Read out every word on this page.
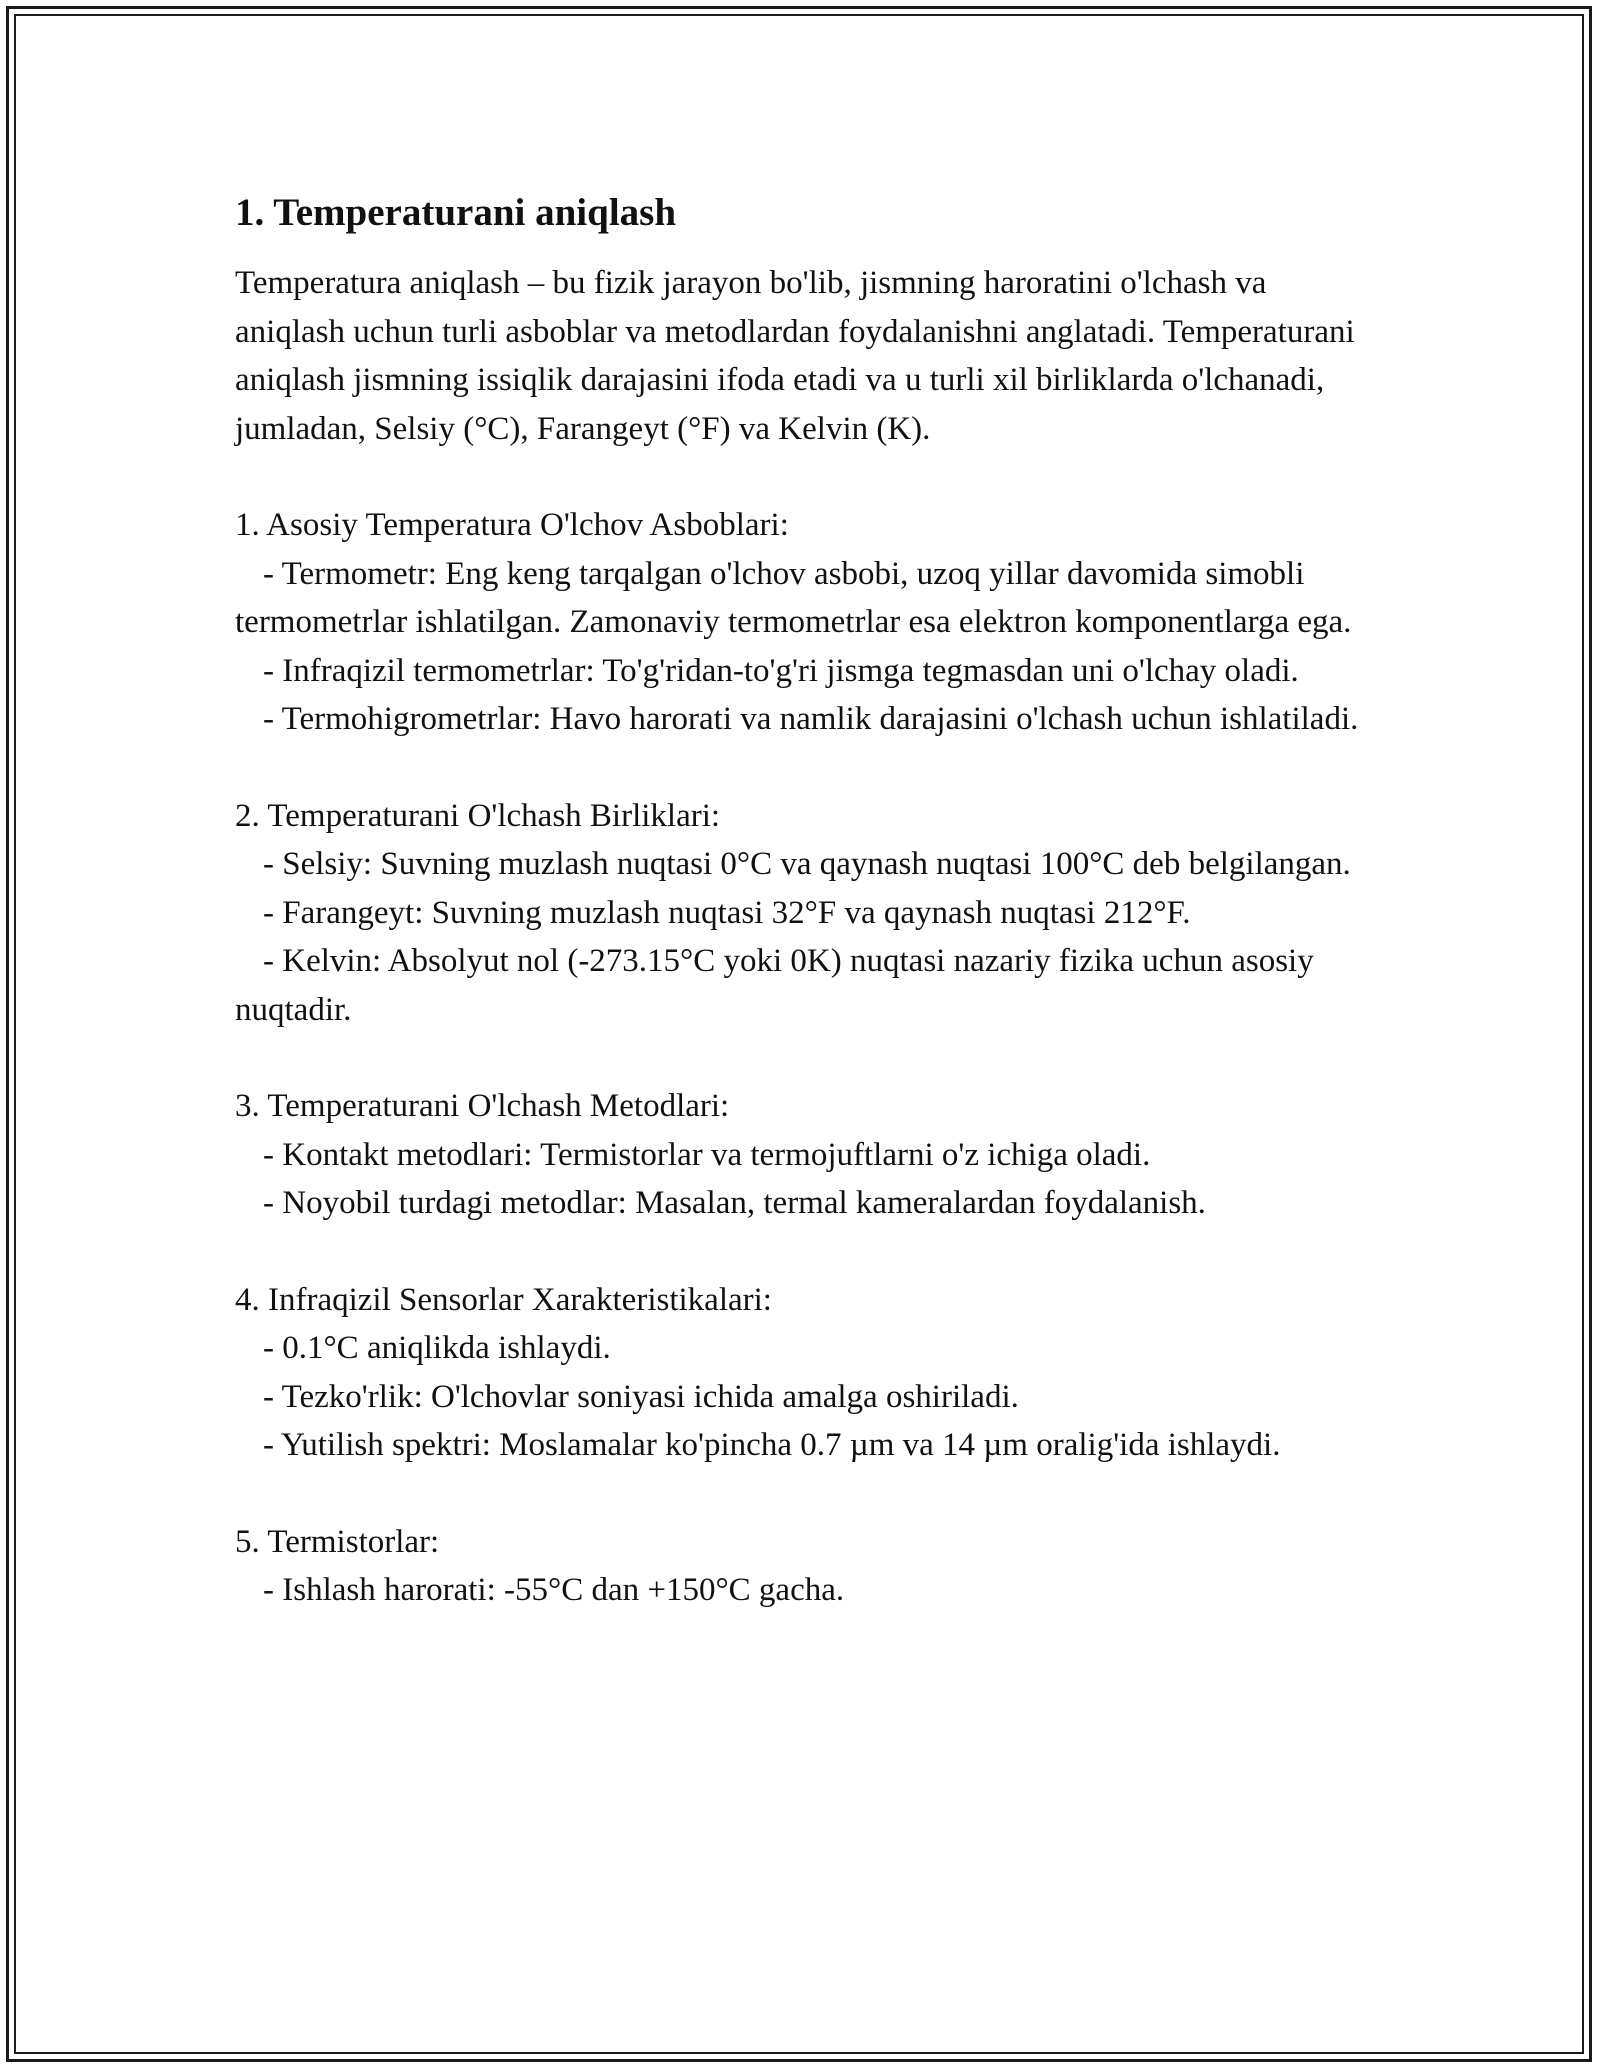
1. Temperaturani aniqlash

Temperatura aniqlash – bu fizik jarayon bo'lib, jismning haroratini o'lchash va aniqlash uchun turli asboblar va metodlardan foydalanishni anglatadi. Temperaturani aniqlash jismning issiqlik darajasini ifoda etadi va u turli xil birliklarda o'lchanadi, jumladan, Selsiy (°C), Farangeyt (°F) va Kelvin (K).

1. Asosiy Temperatura O'lchov Asboblari:

- Termometr: Eng keng tarqalgan o'lchov asbobi, uzoq yillar davomida simobli termometrlar ishlatilgan. Zamonaviy termometrlar esa elektron komponentlarga ega.

- Infraqizil termometrlar: To'g'ridan-to'g'ri jismga tegmasdan uni o'lchay oladi.

- Termohigrometrlar: Havo harorati va namlik darajasini o'lchash uchun ishlatiladi.

2. Temperaturani O'lchash Birliklari:

- Selsiy: Suvning muzlash nuqtasi 0°C va qaynash nuqtasi 100°C deb belgilangan.

- Farangeyt: Suvning muzlash nuqtasi 32°F va qaynash nuqtasi 212°F.

- Kelvin: Absolyut nol (-273.15°C yoki 0K) nuqtasi nazariy fizika uchun asosiy nuqtadir.

3. Temperaturani O'lchash Metodlari:

- Kontakt metodlari: Termistorlar va termojuftlarni o'z ichiga oladi.

- Noyobil turdagi metodlar: Masalan, termal kameralardan foydalanish.

4. Infraqizil Sensorlar Xarakteristikalari:

- 0.1°C aniqlikda ishlaydi.

- Tezko'rlik: O'lchovlar soniyasi ichida amalga oshiriladi.

- Yutilish spektri: Moslamalar ko'pincha 0.7 µm va 14 µm oralig'ida ishlaydi.

5. Termistorlar:

- Ishlash harorati: -55°C dan +150°C gacha.
